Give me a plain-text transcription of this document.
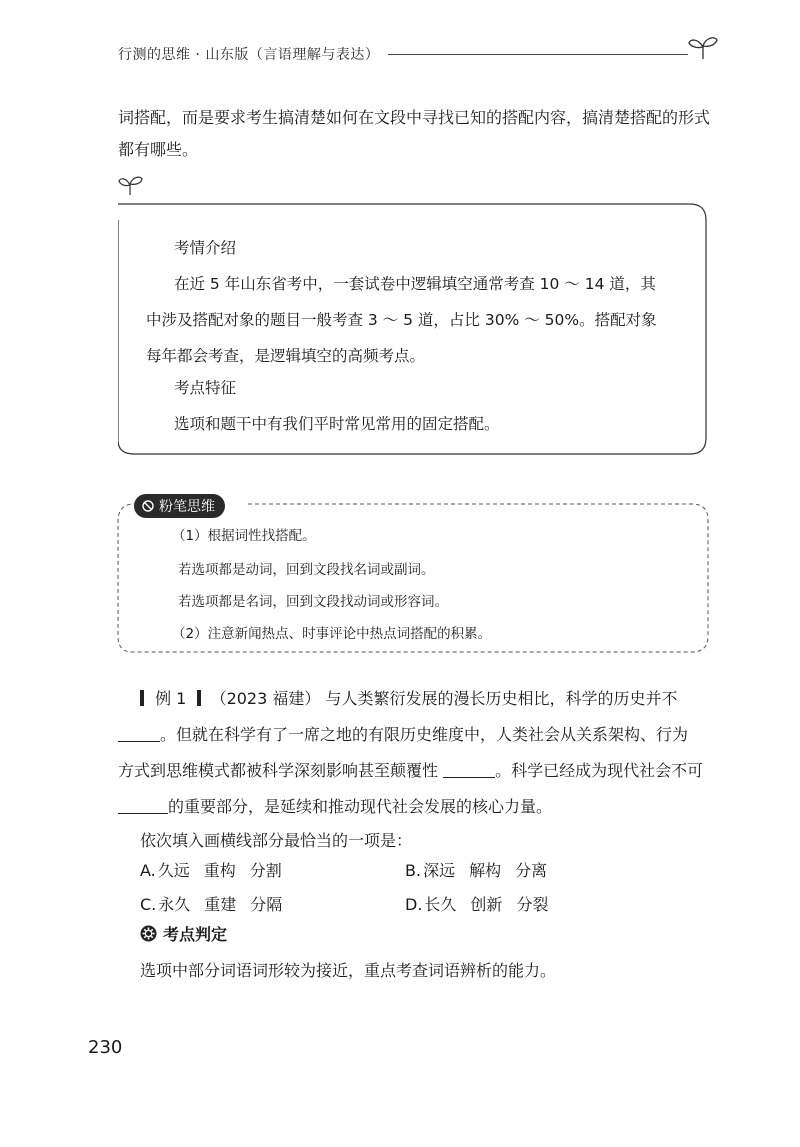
行测的思维 · 山东版（言语理解与表达）
词搭配，而是要求考生搞清楚如何在文段中寻找已知的搭配内容，搞清楚搭配的形式
都有哪些。
考情介绍
在近 5 年山东省考中，一套试卷中逻辑填空通常考查 10 ～ 14 道，其
中涉及搭配对象的题目一般考查 3 ～ 5 道，占比 30% ～ 50%。搭配对象
每年都会考查，是逻辑填空的高频考点。
考点特征
选项和题干中有我们平时常见常用的固定搭配。
粉笔思维
（1）根据词性找搭配。
若选项都是动词，回到文段找名词或副词。
若选项都是名词，回到文段找动词或形容词。
（2）注意新闻热点、时事评论中热点词搭配的积累。
例 1 （2023 福建） 与人类繁衍发展的漫长历史相比，科学的历史并不
。但就在科学有了一席之地的有限历史维度中，人类社会从关系架构、行为
方式到思维模式都被科学深刻影响甚至颠覆性	。科学已经成为现代社会不可
的重要部分，是延续和推动现代社会发展的核心力量。
依次填入画横线部分最恰当的一项是：
A. 久远 重构 分割	B. 深远 解构 分离
C. 永久 重建 分隔	D. 长久 创新 分裂
考点判定
选项中部分词语词形较为接近，重点考查词语辨析的能力。
230
